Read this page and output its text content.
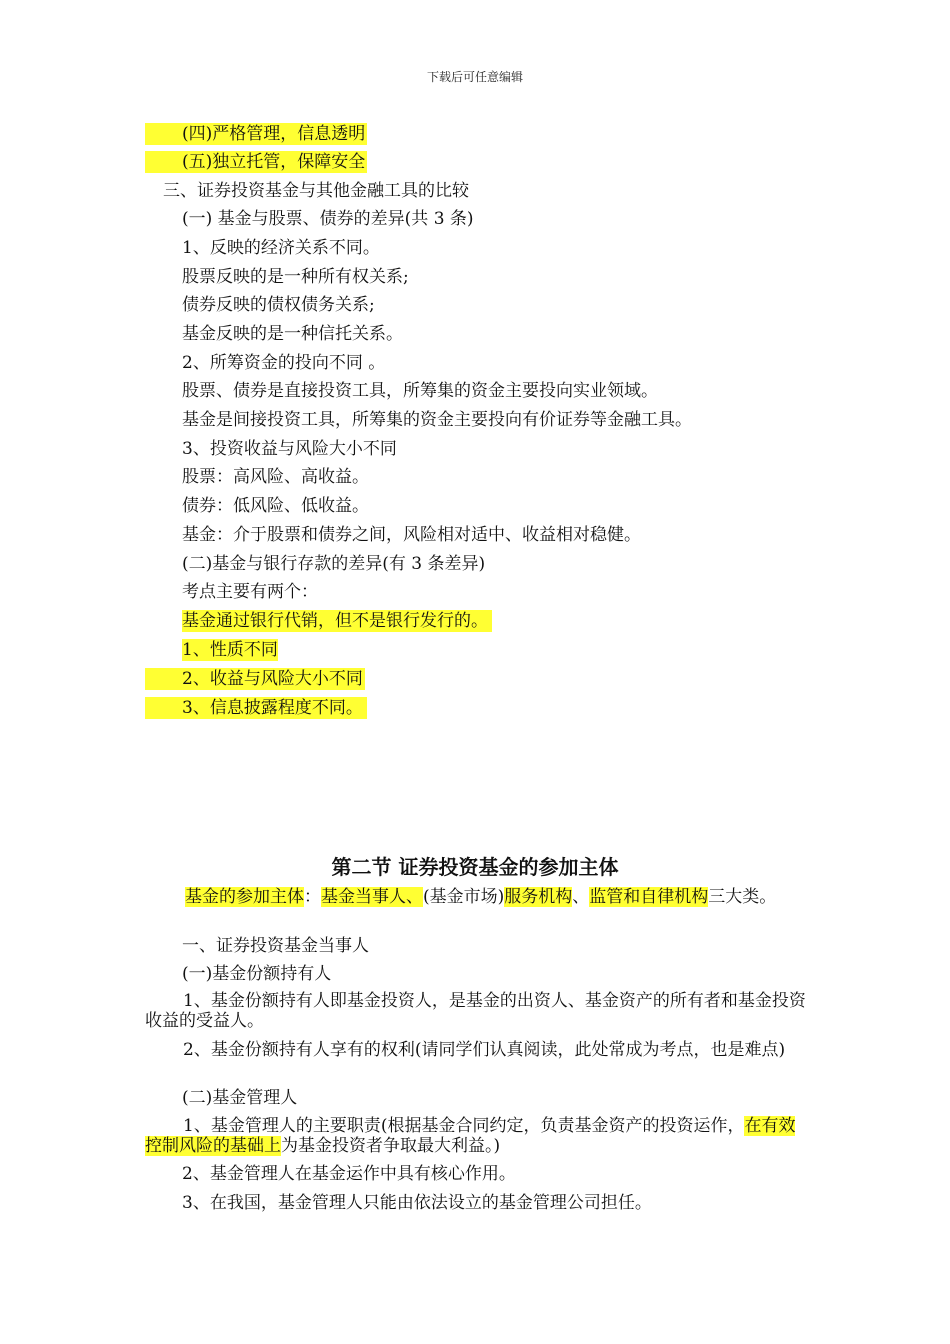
下载后可任意编辑
(四)严格管理，信息透明
(五)独立托管，保障安全
三、证券投资基金与其他金融工具的比较
(一) 基金与股票、债券的差异(共 3 条)
1、反映的经济关系不同。
股票反映的是一种所有权关系;
债券反映的债权债务关系;
基金反映的是一种信托关系。
2、所筹资金的投向不同 。
股票、债券是直接投资工具，所筹集的资金主要投向实业领域。
基金是间接投资工具，所筹集的资金主要投向有价证券等金融工具。
3、投资收益与风险大小不同
股票：高风险、高收益。
债券：低风险、低收益。
基金：介于股票和债券之间，风险相对适中、收益相对稳健。
(二)基金与银行存款的差异(有 3 条差异)
考点主要有两个：
基金通过银行代销，但不是银行发行的。
1、性质不同
2、收益与风险大小不同
3、信息披露程度不同。
第二节 证券投资基金的参加主体
基金的参加主体：基金当事人、(基金市场)服务机构、监管和自律机构三大类。
一、证券投资基金当事人
(一)基金份额持有人
1、基金份额持有人即基金投资人，是基金的出资人、基金资产的所有者和基金投资收益的受益人。
2、基金份额持有人享有的权利(请同学们认真阅读，此处常成为考点，也是难点)
(二)基金管理人
1、基金管理人的主要职责(根据基金合同约定，负责基金资产的投资运作，在有效控制风险的基础上为基金投资者争取最大利益。)
2、基金管理人在基金运作中具有核心作用。
3、在我国，基金管理人只能由依法设立的基金管理公司担任。
